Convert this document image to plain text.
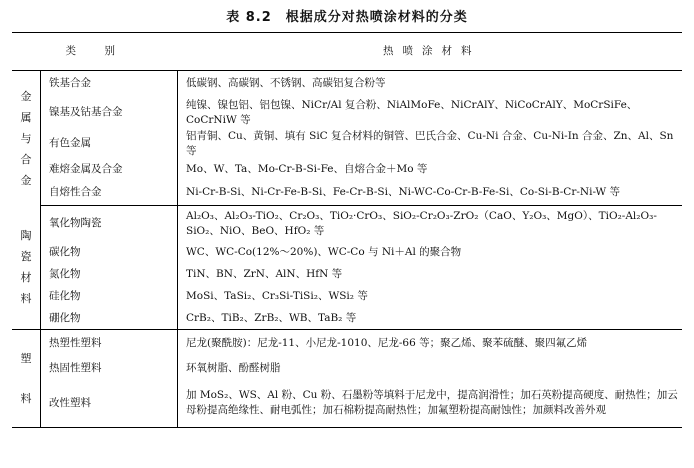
表 8.2　根据成分对热喷涂材料的分类
类　别		热喷涂材料

金
属
与
合
金	铁基合金	低碳钢、高碳钢、不锈钢、高碳铝复合粉等
	镍基及钴基合金	纯镍、镍包铝、铝包镍、NiCr/Al 复合粉、NiAlMoFe、NiCrAlY、NiCoCrAlY、MoCrSiFe、CoCrNiW 等
	有色金属	铝青铜、Cu、黄铜、填有 SiC 复合材料的铜管、巴氏合金、Cu-Ni 合金、Cu-Ni-In 合金、Zn、Al、Sn 等
	难熔金属及合金	Mo、W、Ta、Mo-Cr-B-Si-Fe、自熔合金＋Mo 等
	自熔性合金	Ni-Cr-B-Si、Ni-Cr-Fe-B-Si、Fe-Cr-B-Si、Ni-WC-Co-Cr-B-Fe-Si、Co-Si-B-Cr-Ni-W 等

陶
瓷
材
料	氧化物陶瓷	Al₂O₃、Al₂O₃-TiO₂、Cr₂O₃、TiO₂·CrO₃、SiO₂-Cr₂O₃-ZrO₂（CaO、Y₂O₃、MgO）、TiO₂-Al₂O₃-SiO₂、NiO、BeO、HfO₂ 等
	碳化物	WC、WC-Co(12%～20%)、WC-Co 与 Ni＋Al 的聚合物
	氮化物	TiN、BN、ZrN、AlN、HfN 等
	硅化物	MoSi、TaSi₂、Cr₃Si-TiSi₂、WSi₂ 等
	硼化物	CrB₂、TiB₂、ZrB₂、WB、TaB₂ 等

塑
料	热塑性塑料	尼龙(聚酰胺)：尼龙-11、小尼龙-1010、尼龙-66 等；聚乙烯、聚苯硫醚、聚四氟乙烯
	热固性塑料	环氧树脂、酚醛树脂
	改性塑料	加 MoS₂、WS、Al 粉、Cu 粉、石墨粉等填料于尼龙中，提高润滑性；加石英粉提高硬度、耐热性；加云母粉提高绝缘性、耐电弧性；加石棉粉提高耐热性；加氟塑粉提高耐蚀性；加颜料改善外观
